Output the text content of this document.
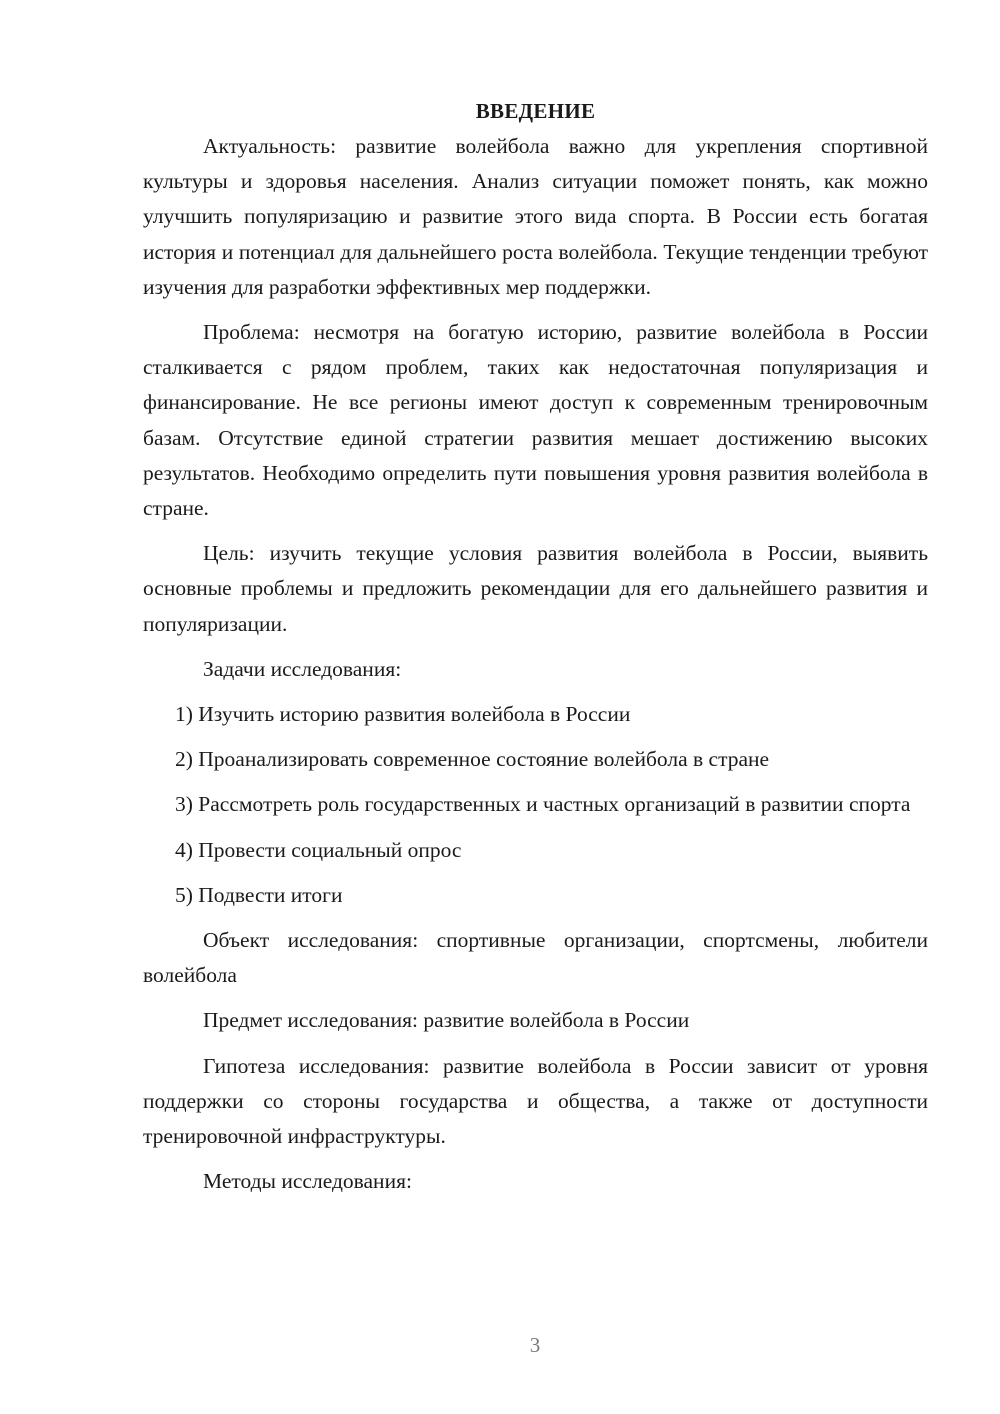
ВВЕДЕНИЕ

Актуальность: развитие волейбола важно для укрепления спортивной культуры и здоровья населения. Анализ ситуации поможет понять, как можно улучшить популяризацию и развитие этого вида спорта. В России есть богатая история и потенциал для дальнейшего роста волейбола. Текущие тенденции требуют изучения для разработки эффективных мер поддержки.

Проблема: несмотря на богатую историю, развитие волейбола в России сталкивается с рядом проблем, таких как недостаточная популяризация и финансирование. Не все регионы имеют доступ к современным тренировочным базам. Отсутствие единой стратегии развития мешает достижению высоких результатов. Необходимо определить пути повышения уровня развития волейбола в стране.

Цель: изучить текущие условия развития волейбола в России, выявить основные проблемы и предложить рекомендации для его дальнейшего развития и популяризации.

Задачи исследования:

1) Изучить историю развития волейбола в России

2) Проанализировать современное состояние волейбола в стране

3) Рассмотреть роль государственных и частных организаций в развитии спорта

4) Провести социальный опрос

5) Подвести итоги

Объект исследования: спортивные организации, спортсмены, любители волейбола

Предмет исследования: развитие волейбола в России

Гипотеза исследования: развитие волейбола в России зависит от уровня поддержки со стороны государства и общества, а также от доступности тренировочной инфраструктуры.

Методы исследования:

3
